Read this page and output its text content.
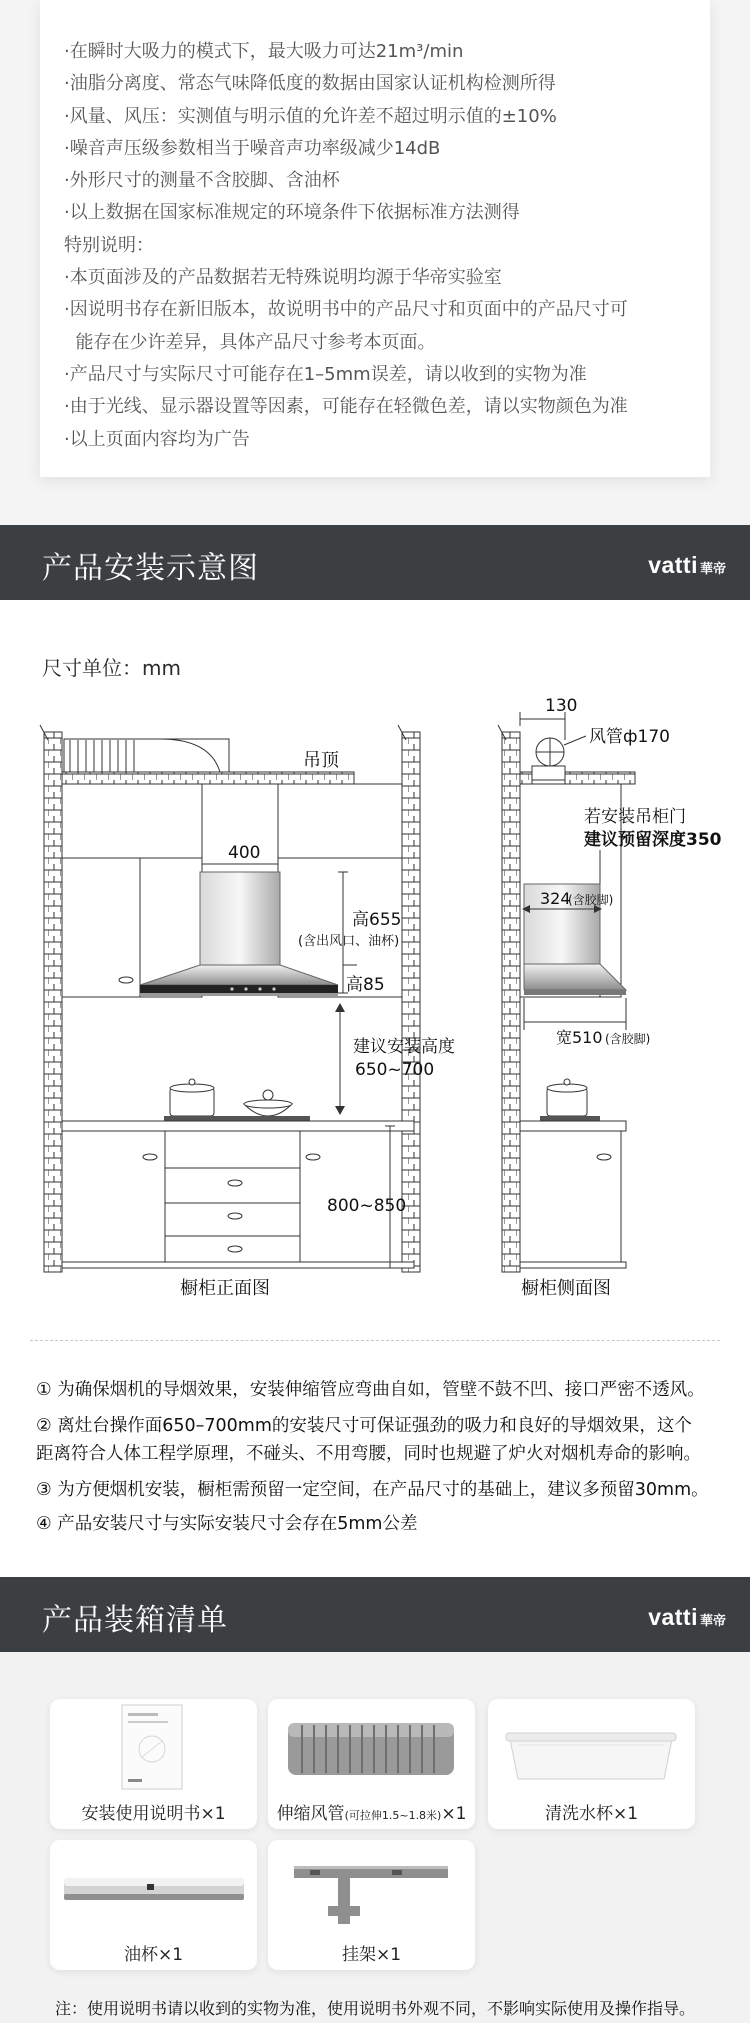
·在瞬时大吸力的模式下，最大吸力可达21m³/min
·油脂分离度、常态气味降低度的数据由国家认证机构检测所得
·风量、风压：实测值与明示值的允许差不超过明示值的±10%
·噪音声压级参数相当于噪音声功率级减少14dB
·外形尺寸的测量不含胶脚、含油杯
·以上数据在国家标准规定的环境条件下依据标准方法测得
特别说明：
·本页面涉及的产品数据若无特殊说明均源于华帝实验室
·因说明书存在新旧版本，故说明书中的产品尺寸和页面中的产品尺寸可
能存在少许差异，具体产品尺寸参考本页面。
·产品尺寸与实际尺寸可能存在1–5mm误差，请以收到的实物为准
·由于光线、显示器设置等因素，可能存在轻微色差，请以实物颜色为准
·以上页面内容均为广告
产品安装示意图	vatti 華帝
尺寸单位：mm
吊顶
400
高655
(含出风口、油杯)
高85
建议安装高度
650~700
800~850
橱柜正面图
130
风管ф170
若安装吊柜门
建议预留深度350
324
(含胶脚)
宽510 (含胶脚)
橱柜侧面图
① 为确保烟机的导烟效果，安装伸缩管应弯曲自如，管壁不鼓不凹、接口严密不透风。
② 离灶台操作面650–700mm的安装尺寸可保证强劲的吸力和良好的导烟效果，这个
距离符合人体工程学原理，不碰头、不用弯腰，同时也规避了炉火对烟机寿命的影响。
③ 为方便烟机安装，橱柜需预留一定空间，在产品尺寸的基础上，建议多预留30mm。
④ 产品安装尺寸与实际安装尺寸会存在5mm公差
产品装箱清单	vatti 華帝
安装使用说明书×1	伸缩风管(可拉伸1.5~1.8米)×1	清洗水杯×1
油杯×1	挂架×1
注：使用说明书请以收到的实物为准，使用说明书外观不同，不影响实际使用及操作指导。
